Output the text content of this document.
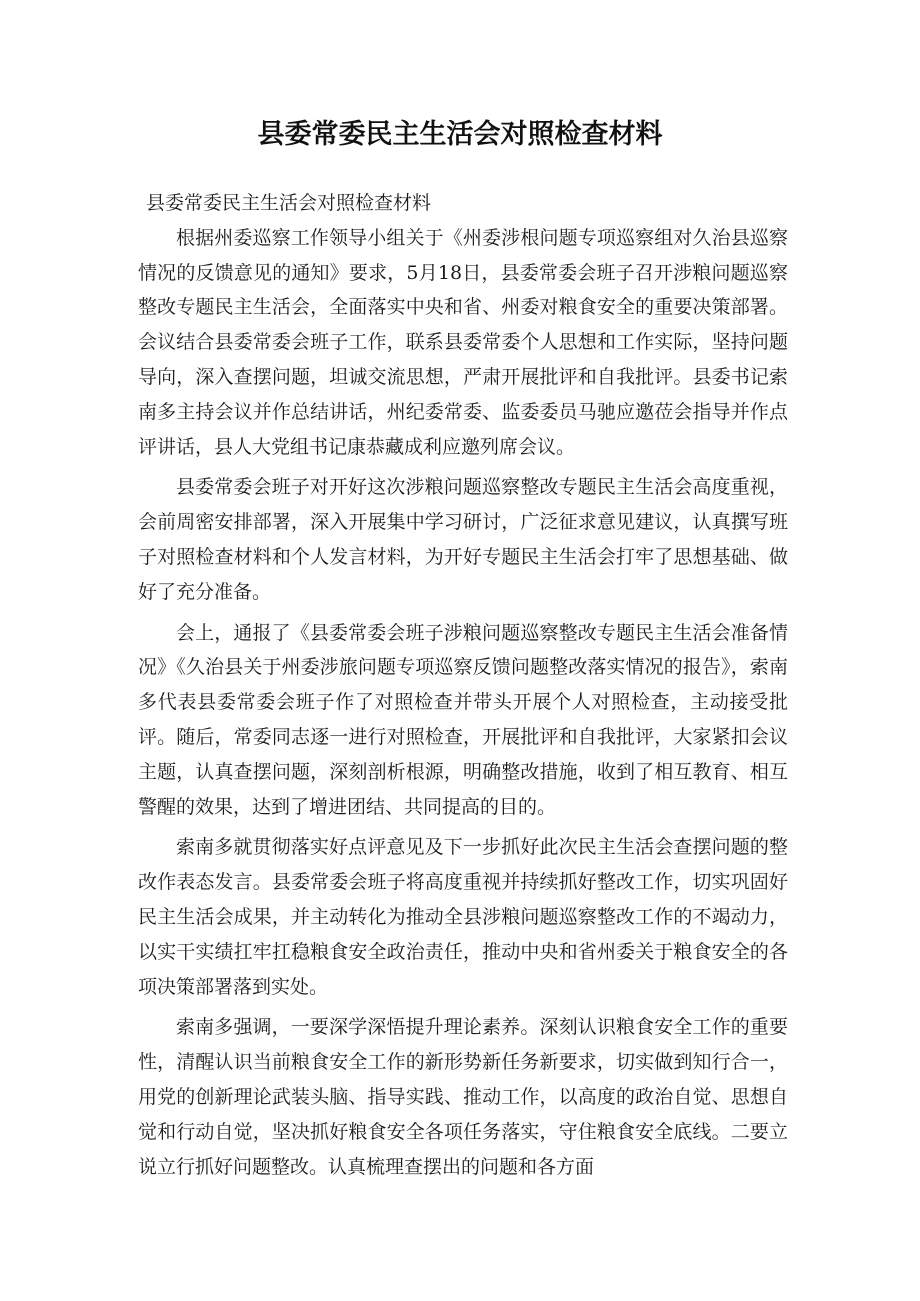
县委常委民主生活会对照检查材料

县委常委民主生活会对照检查材料

根据州委巡察工作领导小组关于《州委涉根问题专项巡察组对久治县巡察情况的反馈意见的通知》要求，5月18日，县委常委会班子召开涉粮问题巡察整改专题民主生活会，全面落实中央和省、州委对粮食安全的重要决策部署。会议结合县委常委会班子工作，联系县委常委个人思想和工作实际，坚持问题导向，深入查摆问题，坦诚交流思想，严肃开展批评和自我批评。县委书记索南多主持会议并作总结讲话，州纪委常委、监委委员马驰应邀莅会指导并作点评讲话，县人大党组书记康恭藏成利应邀列席会议。

县委常委会班子对开好这次涉粮问题巡察整改专题民主生活会高度重视，会前周密安排部署，深入开展集中学习研讨，广泛征求意见建议，认真撰写班子对照检查材料和个人发言材料，为开好专题民主生活会打牢了思想基础、做好了充分准备。

会上，通报了《县委常委会班子涉粮问题巡察整改专题民主生活会准备情况》《久治县关于州委涉旅问题专项巡察反馈问题整改落实情况的报告》，索南多代表县委常委会班子作了对照检查并带头开展个人对照检查，主动接受批评。随后，常委同志逐一进行对照检查，开展批评和自我批评，大家紧扣会议主题，认真查摆问题，深刻剖析根源，明确整改措施，收到了相互教育、相互警醒的效果，达到了增进团结、共同提高的目的。

索南多就贯彻落实好点评意见及下一步抓好此次民主生活会查摆问题的整改作表态发言。县委常委会班子将高度重视并持续抓好整改工作，切实巩固好民主生活会成果，并主动转化为推动全县涉粮问题巡察整改工作的不竭动力，以实干实绩扛牢扛稳粮食安全政治责任，推动中央和省州委关于粮食安全的各项决策部署落到实处。

索南多强调，一要深学深悟提升理论素养。深刻认识粮食安全工作的重要性，清醒认识当前粮食安全工作的新形势新任务新要求，切实做到知行合一，用党的创新理论武装头脑、指导实践、推动工作，以高度的政治自觉、思想自觉和行动自觉，坚决抓好粮食安全各项任务落实，守住粮食安全底线。二要立说立行抓好问题整改。认真梳理查摆出的问题和各方面
